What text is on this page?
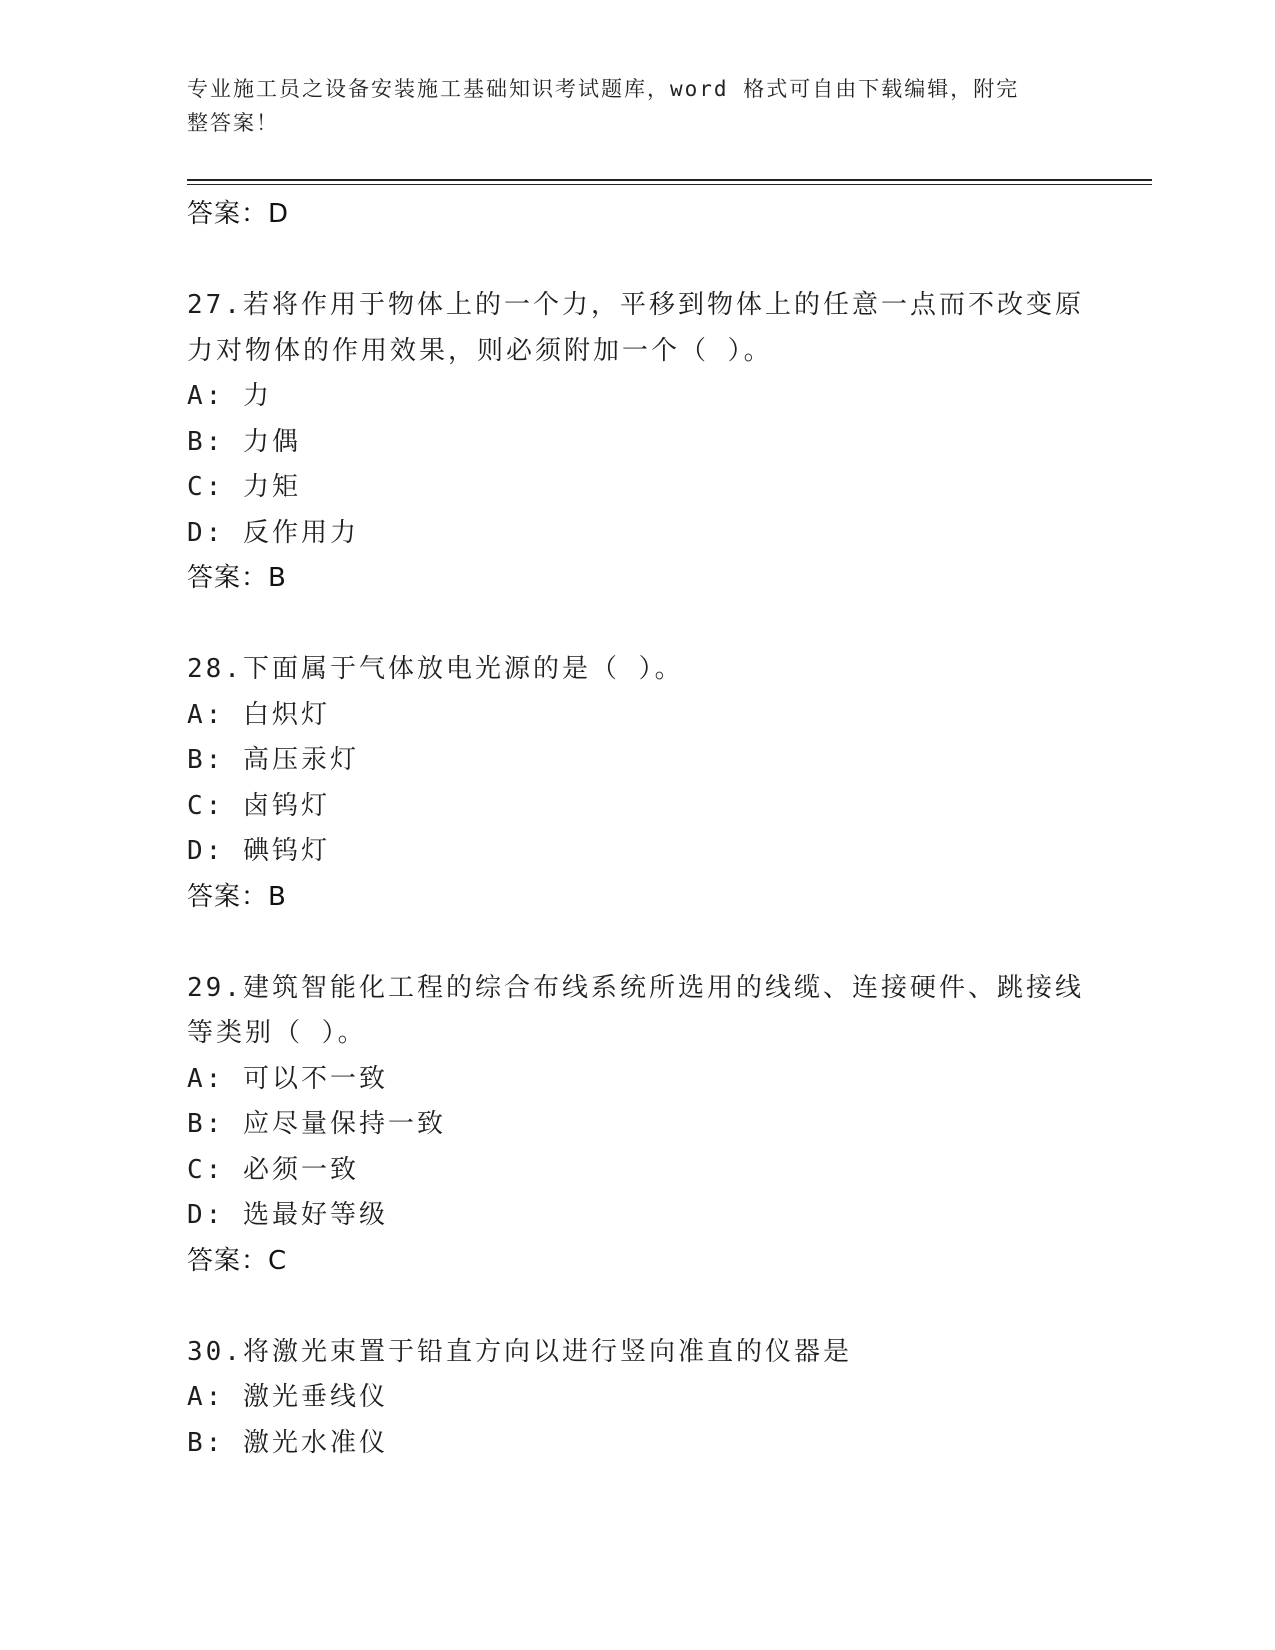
专业施工员之设备安装施工基础知识考试题库，word 格式可自由下载编辑，附完
整答案！
答案：D
27.若将作用于物体上的一个力，平移到物体上的任意一点而不改变原
力对物体的作用效果，则必须附加一个（ ）。
A: 力
B: 力偶
C: 力矩
D: 反作用力
答案：B
28.下面属于气体放电光源的是（ ）。
A: 白炽灯
B: 高压汞灯
C: 卤钨灯
D: 碘钨灯
答案：B
29.建筑智能化工程的综合布线系统所选用的线缆、连接硬件、跳接线
等类别（ ）。
A: 可以不一致
B: 应尽量保持一致
C: 必须一致
D: 选最好等级
答案：C
30.将激光束置于铅直方向以进行竖向准直的仪器是
A: 激光垂线仪
B: 激光水准仪
